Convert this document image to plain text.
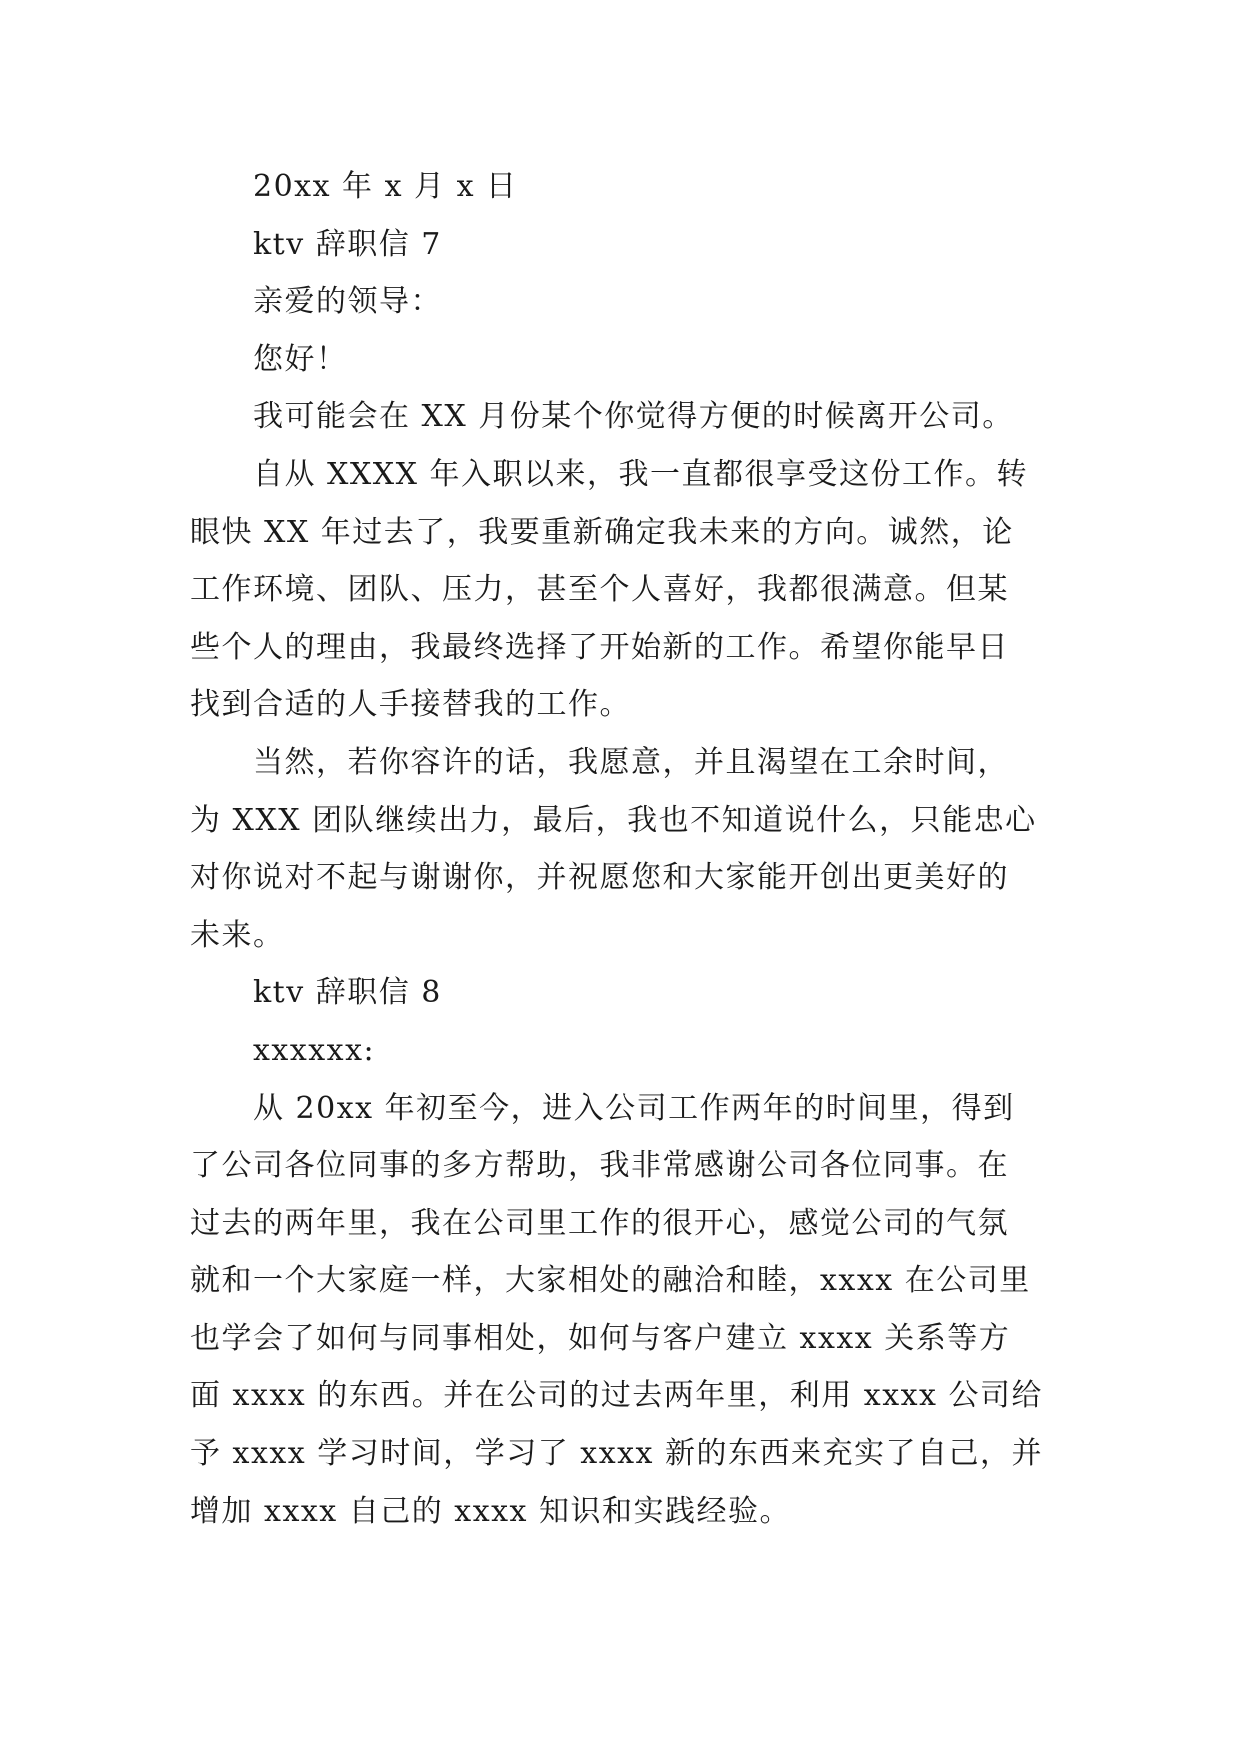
20xx 年 x 月 x 日
ktv 辞职信 7
亲爱的领导：
您好！
我可能会在 XX 月份某个你觉得方便的时候离开公司。
自从 XXXX 年入职以来，我一直都很享受这份工作。转
眼快 XX 年过去了，我要重新确定我未来的方向。诚然，论
工作环境、团队、压力，甚至个人喜好，我都很满意。但某
些个人的理由，我最终选择了开始新的工作。希望你能早日
找到合适的人手接替我的工作。
当然，若你容许的话，我愿意，并且渴望在工余时间，
为 XXX 团队继续出力，最后，我也不知道说什么，只能忠心
对你说对不起与谢谢你，并祝愿您和大家能开创出更美好的
未来。
ktv 辞职信 8
xxxxxx:
从 20xx 年初至今，进入公司工作两年的时间里，得到
了公司各位同事的多方帮助，我非常感谢公司各位同事。在
过去的两年里，我在公司里工作的很开心，感觉公司的气氛
就和一个大家庭一样，大家相处的融洽和睦，xxxx 在公司里
也学会了如何与同事相处，如何与客户建立 xxxx 关系等方
面 xxxx 的东西。并在公司的过去两年里，利用 xxxx 公司给
予 xxxx 学习时间，学习了 xxxx 新的东西来充实了自己，并
增加 xxxx 自己的 xxxx 知识和实践经验。
